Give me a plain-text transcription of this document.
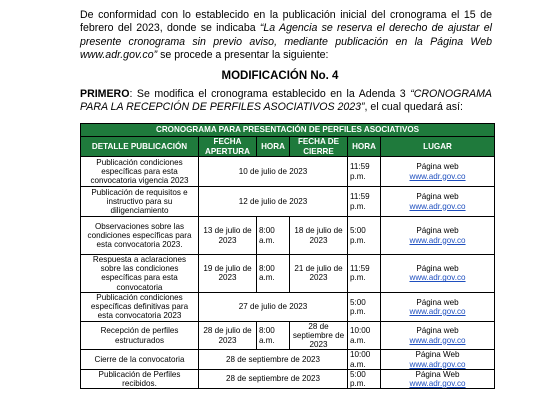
De conformidad con lo establecido en la publicación inicial del cronograma el 15 de febrero del 2023, donde se indicaba “La Agencia se reserva el derecho de ajustar el presente cronograma sin previo aviso, mediante publicación en la Página Web www.adr.gov.co” se procede a presentar la siguiente:

MODIFICACIÓN No. 4

PRIMERO: Se modifica el cronograma establecido en la Adenda 3 “CRONOGRAMA PARA LA RECEPCIÓN DE PERFILES ASOCIATIVOS 2023”, el cual quedará así:

CRONOGRAMA PARA PRESENTACIÓN DE PERFILES ASOCIATIVOS					
DETALLE PUBLICACIÓN	FECHA APERTURA	HORA	FECHA DE CIERRE	HORA	LUGAR
Publicación condiciones específicas para esta convocatoria vigencia 2023	10 de julio de 2023			11:59 p.m.	Página web
www.adr.gov.co

Publicación de requisitos e instructivo para su diligenciamiento	12 de julio de 2023			11:59 p.m.	Página web
www.adr.gov.co

Observaciones sobre las condiciones específicas para esta convocatoria 2023.	13 de julio de 2023	8:00 a.m.	18 de julio de 2023	5:00 p.m.	Página web
www.adr.gov.co

Respuesta a aclaraciones sobre las condiciones específicas para esta convocatoria	19 de julio de 2023	8:00 a.m.	21 de julio de 2023	11:59 p.m.	Página web
www.adr.gov.co

Publicación condiciones específicas definitivas para esta convocatoria 2023	27 de julio de 2023			5:00 p.m.	Página web
www.adr.gov.co

Recepción de perfiles estructurados	28 de julio de 2023	8:00 a.m.	28 de septiembre de 2023	10:00 a.m.	Página web
www.adr.gov.co

Cierre de la convocatoria	28 de septiembre de 2023			10:00 a.m.	Página Web
www.adr.gov.co

Publicación de Perfiles recibidos.	28 de septiembre de 2023			5:00 p.m.	Página Web
www.adr.gov.co
